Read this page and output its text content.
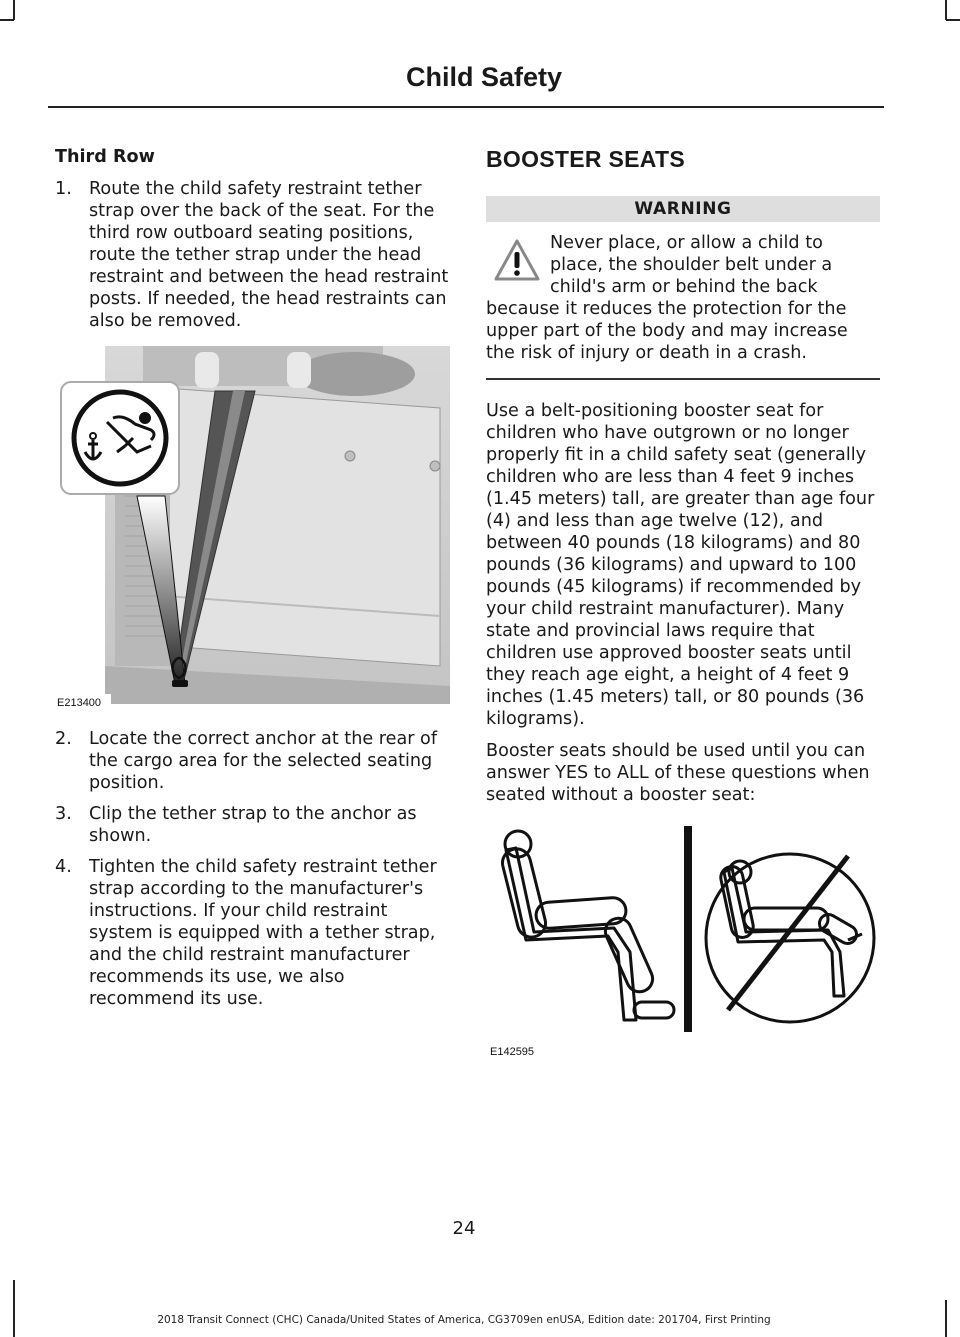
Child Safety
Third Row
1. Route the child safety restraint tether strap over the back of the seat. For the third row outboard seating positions, route the tether strap under the head restraint and between the head restraint posts. If needed, the head restraints can also be removed.
E213400
2. Locate the correct anchor at the rear of the cargo area for the selected seating position.
3. Clip the tether strap to the anchor as shown.
4. Tighten the child safety restraint tether strap according to the manufacturer's instructions. If your child restraint system is equipped with a tether strap, and the child restraint manufacturer recommends its use, we also recommend its use.
BOOSTER SEATS
WARNING

Never place, or allow a child to place, the shoulder belt under a child's arm or behind the back because it reduces the protection for the upper part of the body and may increase the risk of injury or death in a crash.

Use a belt-positioning booster seat for children who have outgrown or no longer properly fit in a child safety seat (generally children who are less than 4 feet 9 inches (1.45 meters) tall, are greater than age four (4) and less than age twelve (12), and between 40 pounds (18 kilograms) and 80 pounds (36 kilograms) and upward to 100 pounds (45 kilograms) if recommended by your child restraint manufacturer). Many state and provincial laws require that children use approved booster seats until they reach age eight, a height of 4 feet 9 inches (1.45 meters) tall, or 80 pounds (36 kilograms).

Booster seats should be used until you can answer YES to ALL of these questions when seated without a booster seat:

E142595
24
2018 Transit Connect (CHC) Canada/United States of America, CG3709en enUSA, Edition date: 201704, First Printing
